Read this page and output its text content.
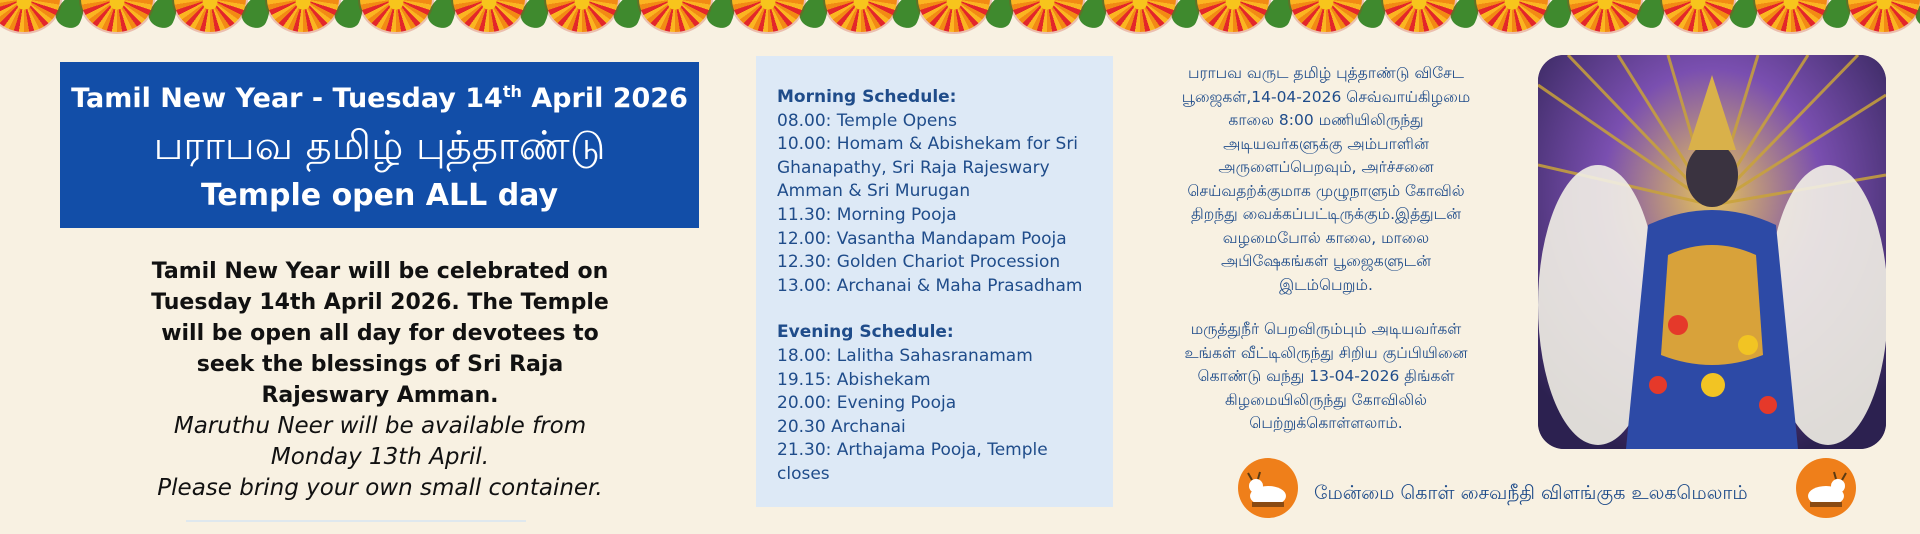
Tamil New Year - Tuesday 14th April 2026
பராபவ தமிழ் புத்தாண்டு
Temple open ALL day
Tamil New Year will be celebrated on
Tuesday 14th April 2026. The Temple
will be open all day for devotees to
seek the blessings of Sri Raja
Rajeswary Amman.
Maruthu Neer will be available from
Monday 13th April.
Please bring your own small container.
Morning Schedule:
08.00: Temple Opens
10.00: Homam & Abishekam for Sri Ghanapathy, Sri Raja Rajeswary Amman & Sri Murugan
11.30: Morning Pooja
12.00: Vasantha Mandapam Pooja
12.30: Golden Chariot Procession
13.00: Archanai & Maha Prasadham
Evening Schedule:
18.00: Lalitha Sahasranamam
19.15: Abishekam
20.00: Evening Pooja
20.30 Archanai
21.30: Arthajama Pooja, Temple closes
பராபவ வருட தமிழ் புத்தாண்டு விசேட
பூஜைகள்,14-04-2026 செவ்வாய்கிழமை
காலை 8:00 மணியிலிருந்து
அடியவர்களுக்கு அம்பாளின்
அருளைப்பெறவும், அர்ச்சனை
செய்வதற்க்குமாக முழுநாளும் கோவில்
திறந்து வைக்கப்பட்டிருக்கும்.இத்துடன்
வழமைபோல் காலை, மாலை
அபிஷேகங்கள் பூஜைகளுடன்
இடம்பெறும்.
மருத்துநீர் பெறவிரும்பும் அடியவர்கள்
உங்கள் வீட்டிலிருந்து சிறிய குப்பியினை
கொண்டு வந்து 13-04-2026 திங்கள்
கிழமையிலிருந்து கோவிலில்
பெற்றுக்கொள்ளலாம்.
மேன்மை கொள் சைவநீதி விளங்குக உலகமெலாம்
